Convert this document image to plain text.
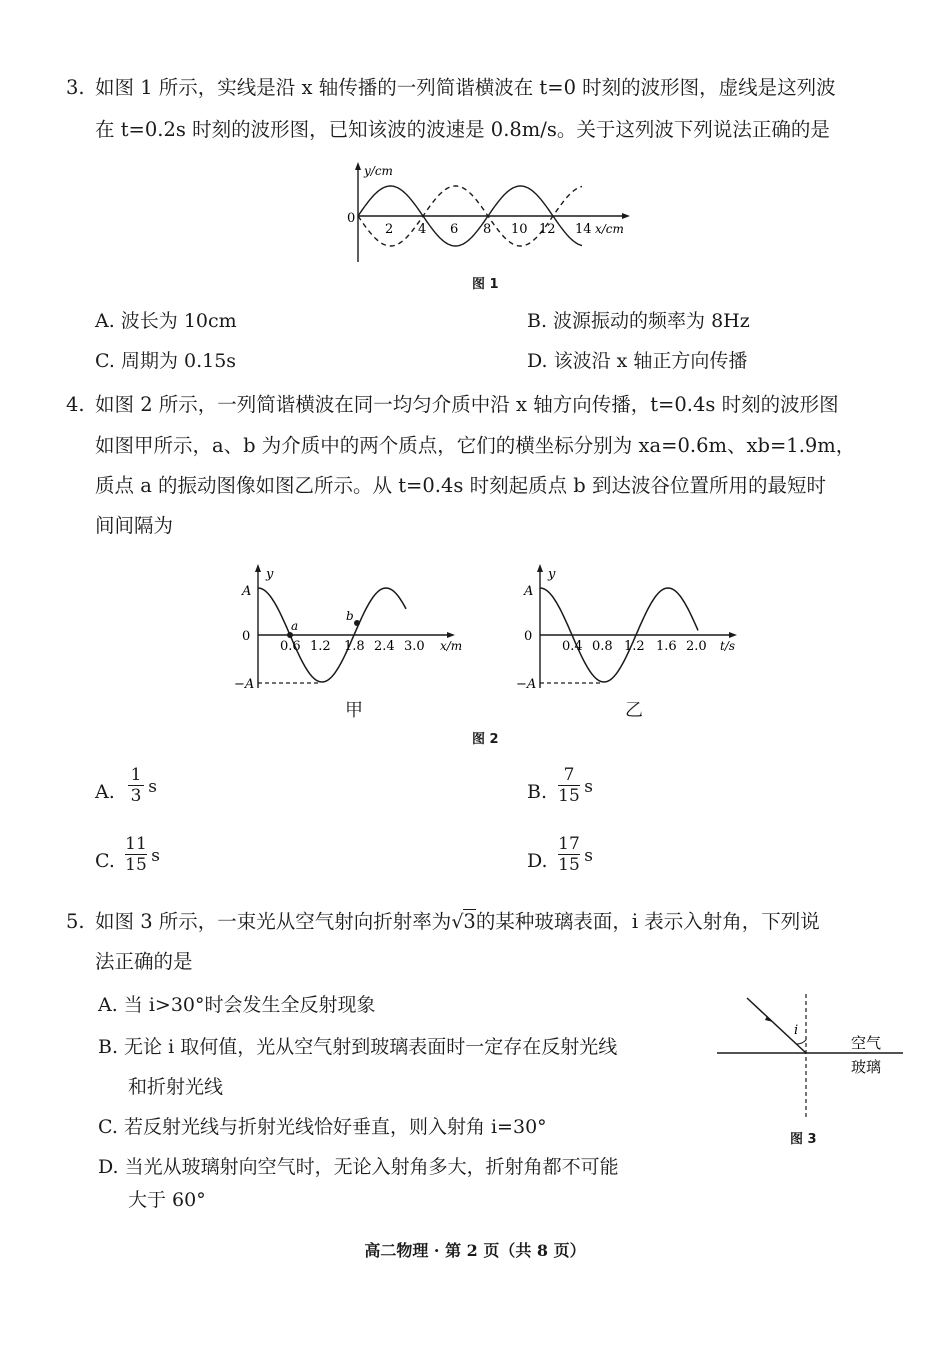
3. 如图 1 所示，实线是沿 x 轴传播的一列简谐横波在 t=0 时刻的波形图，虚线是这列波
在 t=0.2s 时刻的波形图，已知该波的波速是 0.8m/s。关于这列波下列说法正确的是
y/cm
0
2 4 6 8 10 12 14 x/cm
图 1
A. 波长为 10cm	B. 波源振动的频率为 8Hz
C. 周期为 0.15s	D. 该波沿 x 轴正方向传播
4. 如图 2 所示，一列简谐横波在同一均匀介质中沿 x 轴方向传播，t=0.4s 时刻的波形图
如图甲所示，a、b 为介质中的两个质点，它们的横坐标分别为 xa=0.6m、xb=1.9m，
质点 a 的振动图像如图乙所示。从 t=0.4s 时刻起质点 b 到达波谷位置所用的最短时
间间隔为
y
A
0
−A
a
b
0.6 1.2 1.8 2.4 3.0 x/m
甲
y
A
0
−A
0.4 0.8 1.2 1.6 2.0 t/s
乙
图 2
A.
1
3 s	B.
7
15 s
C.
11
15 s	D.
17
15 s
5. 如图 3 所示，一束光从空气射向折射率为√3的某种玻璃表面，i 表示入射角，下列说
法正确的是
A. 当 i>30°时会发生全反射现象
B. 无论 i 取何值，光从空气射到玻璃表面时一定存在反射光线
和折射光线
C. 若反射光线与折射光线恰好垂直，则入射角 i=30°
D. 当光从玻璃射向空气时，无论入射角多大，折射角都不可能
大于 60°
i
空气
玻璃
图 3
高二物理 · 第 2 页（共 8 页）
